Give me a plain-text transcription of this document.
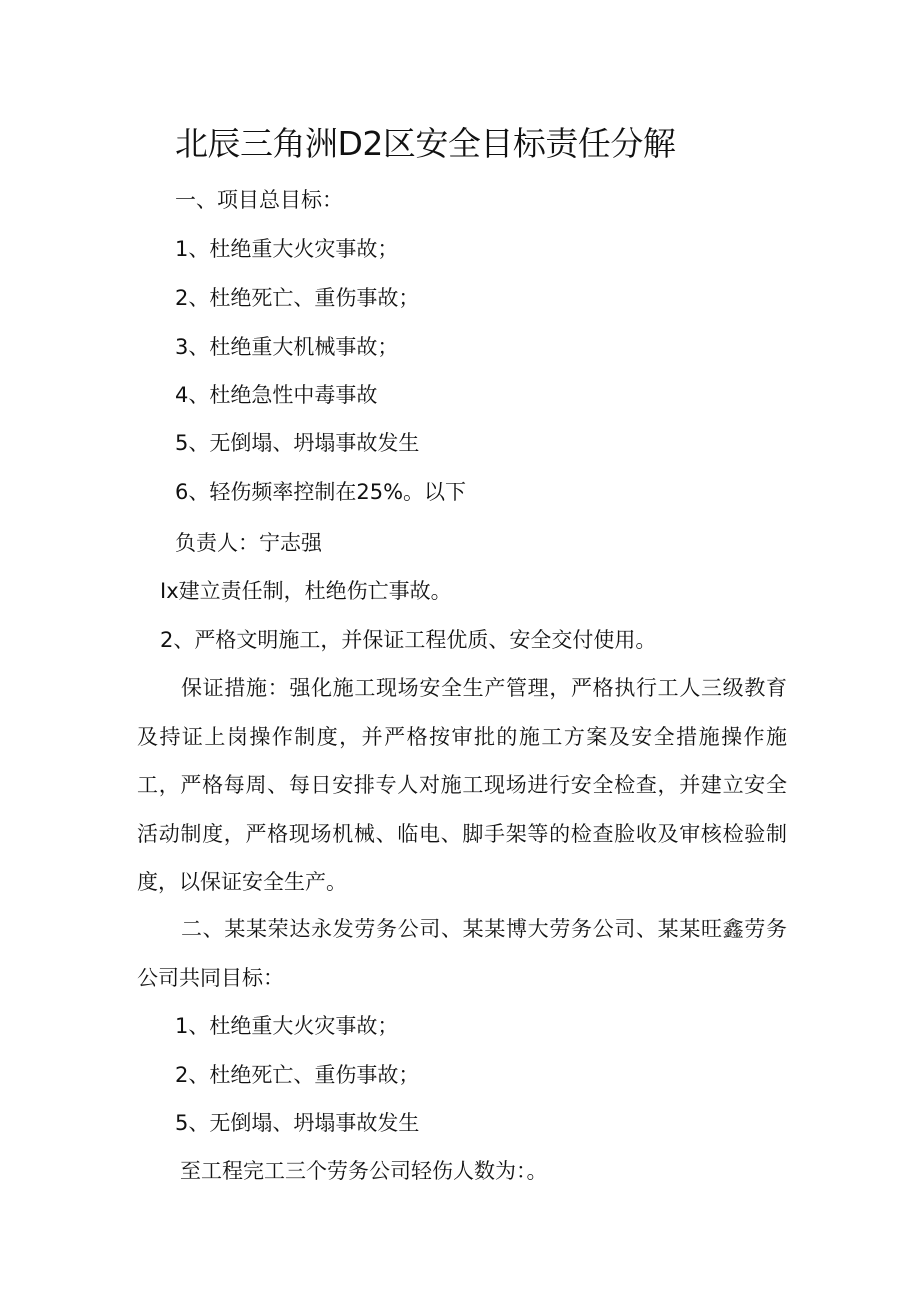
北辰三角洲D2区安全目标责任分解
一、项目总目标：
1、杜绝重大火灾事故；
2、杜绝死亡、重伤事故；
3、杜绝重大机械事故；
4、杜绝急性中毒事故
5、无倒塌、坍塌事故发生
6、轻伤频率控制在25%。以下
负责人：宁志强
Ix建立责任制，杜绝伤亡事故。
2、严格文明施工，并保证工程优质、安全交付使用。
保证措施：强化施工现场安全生产管理，严格执行工人三级教育及持证上岗操作制度，并严格按审批的施工方案及安全措施操作施工，严格每周、每日安排专人对施工现场进行安全检查，并建立安全活动制度，严格现场机械、临电、脚手架等的检查脸收及审核检验制度，以保证安全生产。
二、某某荣达永发劳务公司、某某博大劳务公司、某某旺鑫劳务公司共同目标：
1、杜绝重大火灾事故；
2、杜绝死亡、重伤事故；
5、无倒塌、坍塌事故发生
至工程完工三个劳务公司轻伤人数为：。
